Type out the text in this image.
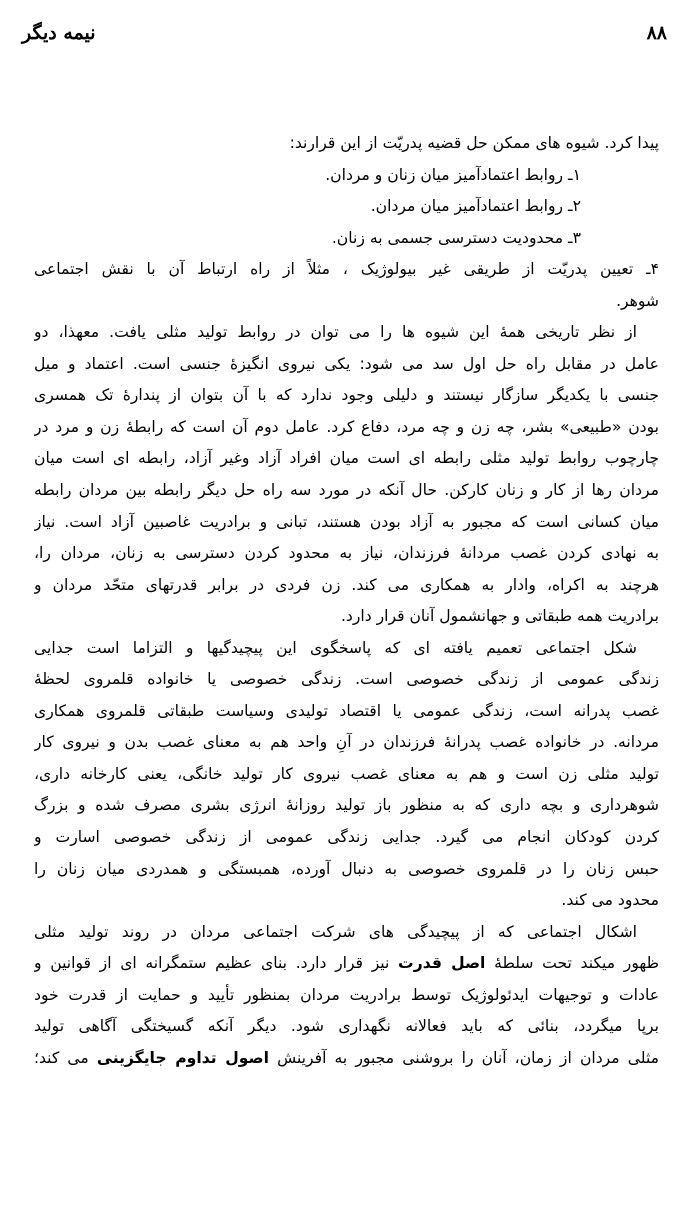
نیمه دیگر	۸۸
پیدا کرد. شیوه های ممکن حل قضیه پدریّت از این قرارند:
۱ـ روابط اعتمادآمیز میان زنان و مردان.
۲ـ روابط اعتمادآمیز میان مردان.
۳ـ محدودیت دسترسی جسمی به زنان.
۴ـ تعیین پدریّت از طریقی غیر بیولوژیک ، مثلاً از راه ارتباط آن با نقش اجتماعی
شوهر.
از نظر تاریخی همهٔ این شیوه ها را می توان در روابط تولید مثلی یافت. معهذا، دو
عامل در مقابل راه حل اول سد می شود: یکی نیروی انگیزهٔ جنسی است. اعتماد و میل
جنسی با یکدیگر سازگار نیستند و دلیلی وجود ندارد که با آن بتوان از پندارهٔ تک همسری
بودن «طبیعی» بشر، چه زن و چه مرد، دفاع کرد. عامل دوم آن است که رابطهٔ زن و مرد در
چارچوب روابط تولید مثلی رابطه ای است میان افراد آزاد وغیر آزاد، رابطه ای است میان
مردان رها از کار و زنان کارکن. حال آنکه در مورد سه راه حل دیگر رابطه بین مردان رابطه
میان کسانی است که مجبور به آزاد بودن هستند، تبانی و برادریت غاصبین آزاد است. نیاز
به نهادی کردن غصب مردانهٔ فرزندان، نیاز به محدود کردن دسترسی به زنان، مردان را،
هرچند به اکراه، وادار به همکاری می کند. زن فردی در برابر قدرتهای متحّد مردان و
برادریت همه طبقاتی و جهانشمول آنان قرار دارد.
شکل اجتماعی تعمیم یافته ای که پاسخگوی این پیچیدگیها و التزاما است جدایی
زندگی عمومی از زندگی خصوصی است. زندگی خصوصی یا خانواده قلمروی لحظهٔ
غصب پدرانه است، زندگی عمومی یا اقتصاد تولیدی وسیاست طبقاتی قلمروی همکاری
مردانه. در خانواده غصب پدرانهٔ فرزندان در آنِ واحد هم به معنای غصب بدن و نیروی کار
تولید مثلی زن است و هم به معنای غصب نیروی کار تولید خانگی، یعنی کارخانه داری،
شوهرداری و بچه داری که به منظور باز تولید روزانهٔ انرژی بشری مصرف شده و بزرگ
کردن کودکان انجام می گیرد. جدایی زندگی عمومی از زندگی خصوصی اسارت و
حبس زنان را در قلمروی خصوصی به دنبال آورده، همبستگی و همدردی میان زنان را
محدود می کند.
اشکال اجتماعی که از پیچیدگی های شرکت اجتماعی مردان در روند تولید مثلی
ظهور میکند تحت سلطهٔ اصل قدرت نیز قرار دارد. بنای عظیم ستمگرانه ای از قوانین و
عادات و توجیهات ایدئولوژیک توسط برادریت مردان بمنظور تأیید و حمایت از قدرت خود
برپا میگردد، بنائی که باید فعالانه نگهداری شود. دیگر آنکه گسیختگی آگاهی تولید
مثلی مردان از زمان، آنان را بروشنی مجبور به آفرینش اصول تداوم جایگزینی می کند؛
